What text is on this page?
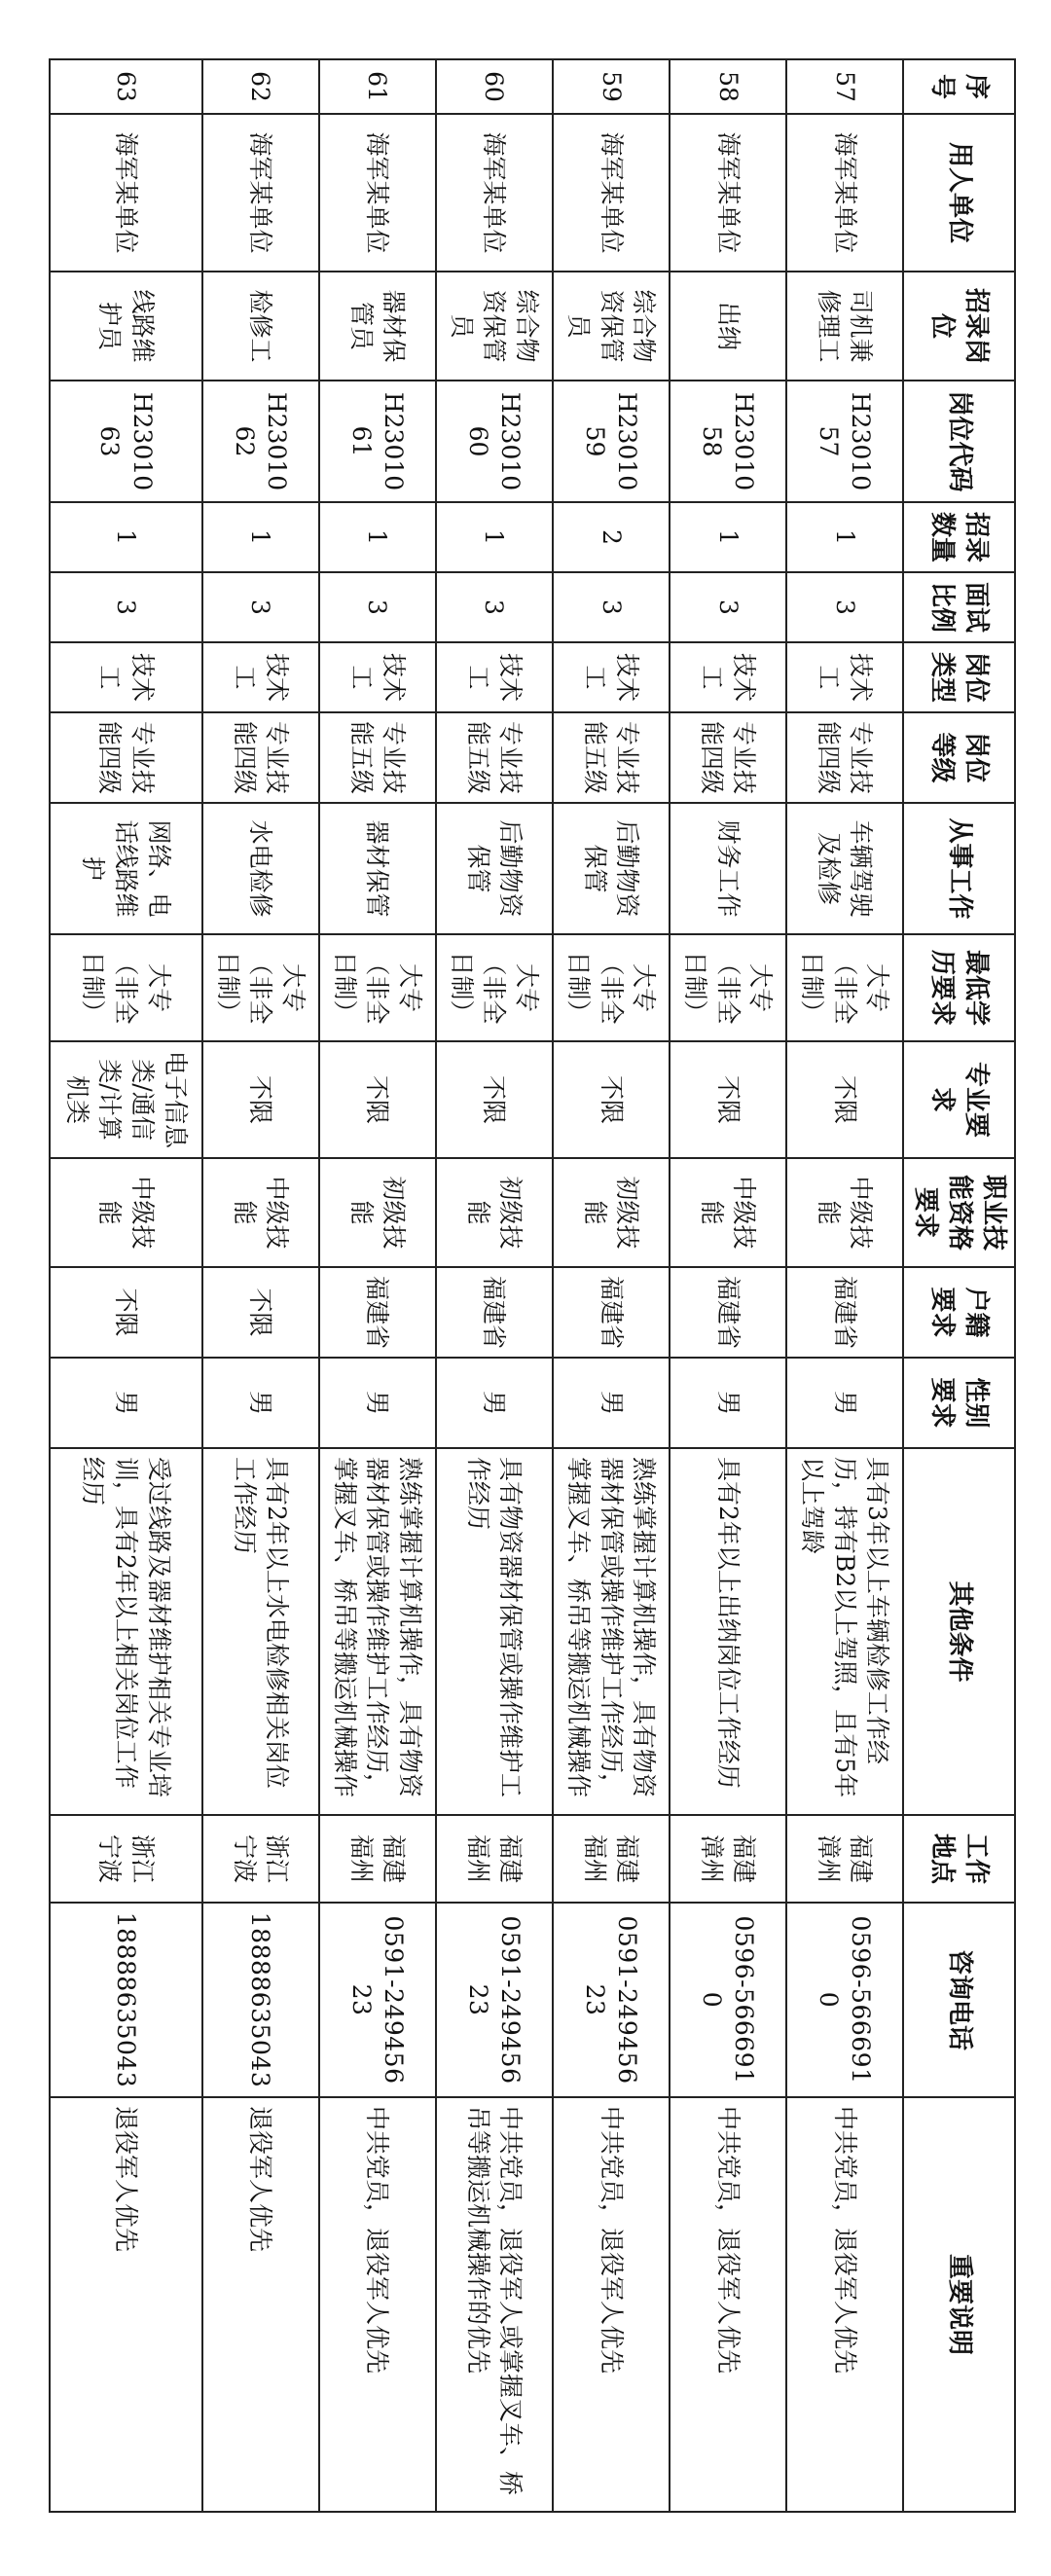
序号	用人单位	招录岗位	岗位代码	招录数量	面试比例	岗位类型	岗位等级	从事工作	最低学历要求	专业要求	职业技能资格要求	户籍要求	性别要求	其他条件	工作地点	咨询电话	重要说明
57	海军某单位	司机兼修理工	H2301057	1	3	技术工	专业技能四级	车辆驾驶及检修	大专（非全日制）	不限	中级技能	福建省	男	具有3年以上车辆检修工作经历，持有B2以上驾照，且有5年以上驾龄	福建漳州	0596-5666910	中共党员，退役军人优先
58	海军某单位	出纳	H2301058	1	3	技术工	专业技能四级	财务工作	大专（非全日制）	不限	中级技能	福建省	男	具有2年以上出纳岗位工作经历	福建漳州	0596-5666910	中共党员，退役军人优先
59	海军某单位	综合物资保管员	H2301059	2	3	技术工	专业技能五级	后勤物资保管	大专（非全日制）	不限	初级技能	福建省	男	熟练掌握计算机操作，具有物资器材保管或操作维护工作经历，掌握叉车、桥吊等搬运机械操作	福建福州	0591-24945623	中共党员，退役军人优先
60	海军某单位	综合物资保管员	H2301060	1	3	技术工	专业技能五级	后勤物资保管	大专（非全日制）	不限	初级技能	福建省	男	具有物资器材保管或操作维护工作经历	福建福州	0591-24945623	中共党员，退役军人或掌握叉车、桥吊等搬运机械操作的优先
61	海军某单位	器材保管员	H2301061	1	3	技术工	专业技能五级	器材保管	大专（非全日制）	不限	初级技能	福建省	男	熟练掌握计算机操作，具有物资器材保管或操作维护工作经历，掌握叉车、桥吊等搬运机械操作	福建福州	0591-24945623	中共党员，退役军人优先
62	海军某单位	检修工	H2301062	1	3	技术工	专业技能四级	水电检修	大专（非全日制）	不限	中级技能	不限	男	具有2年以上水电检修相关岗位工作经历	浙江宁波	18888635043	退役军人优先
63	海军某单位	线路维护员	H2301063	1	3	技术工	专业技能四级	网络、电话线路维护	大专（非全日制）	电子信息类/通信类/计算机类	中级技能	不限	男	受过线路及器材维护相关专业培训，具有2年以上相关岗位工作经历	浙江宁波	18888635043	退役军人优先
